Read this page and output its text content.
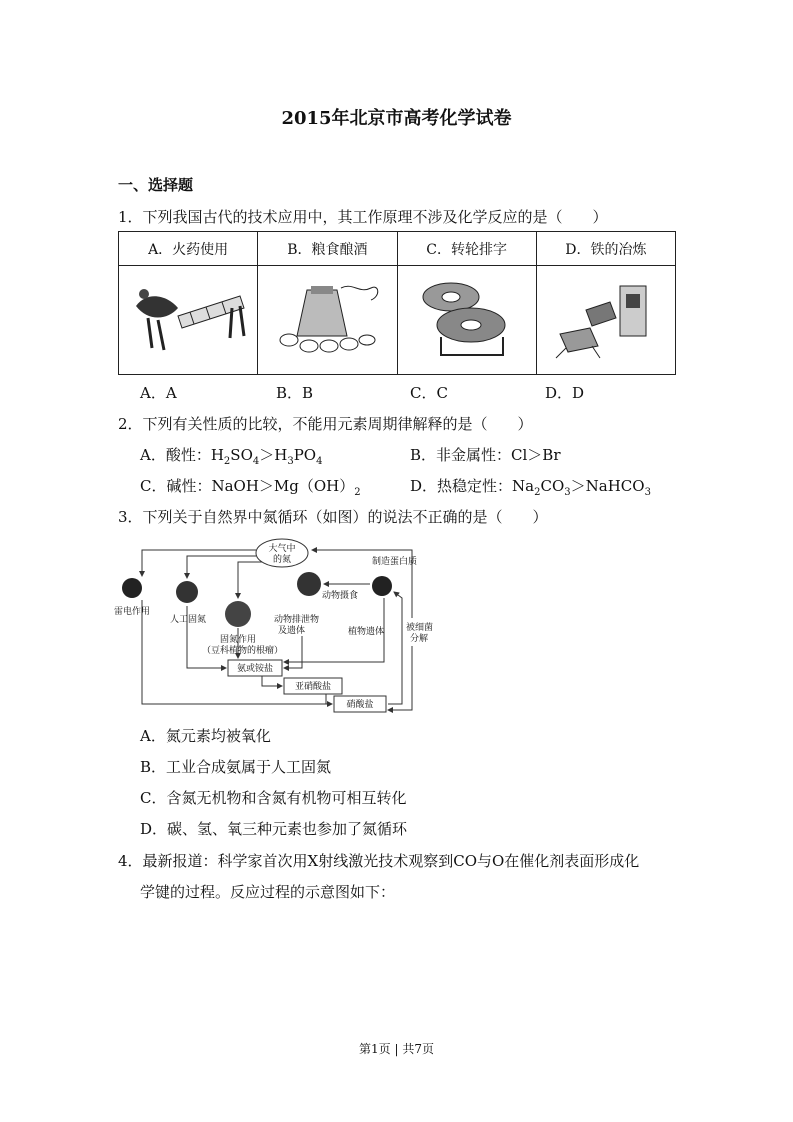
2015年北京市高考化学试卷
一、选择题
1．下列我国古代的技术应用中，其工作原理不涉及化学反应的是（　　）
A．火药使用	B．粮食酿酒	C．转轮排字	D．铁的冶炼

A．A	B．B	C．C	D．D
2．下列有关性质的比较，不能用元素周期律解释的是（　　）
A．酸性：$H_2SO_4>H_3PO_4$	B．非金属性：Cl＞Br
C．碱性：$NaOH>Mg(OH)_2$	D．热稳定性：$Na_2CO_3>NaHCO_3$
3．下列关于自然界中氮循环（如图）的说法不正确的是（　　）
大气中
的氮	制造蛋白质
雷电作用
人工固氮
动物摄食
动物排泄物
及遗体
固氮作用
（豆科植物的根瘤）
植物遗体 被细菌
分解
氨或铵盐
亚硝酸盐
硝酸盐
A．氮元素均被氧化
B．工业合成氨属于人工固氮
C．含氮无机物和含氮有机物可相互转化
D．碳、氢、氧三种元素也参加了氮循环
4．最新报道：科学家首次用X射线激光技术观察到CO与O在催化剂表面形成化
学键的过程。反应过程的示意图如下：
第1页 | 共7页
